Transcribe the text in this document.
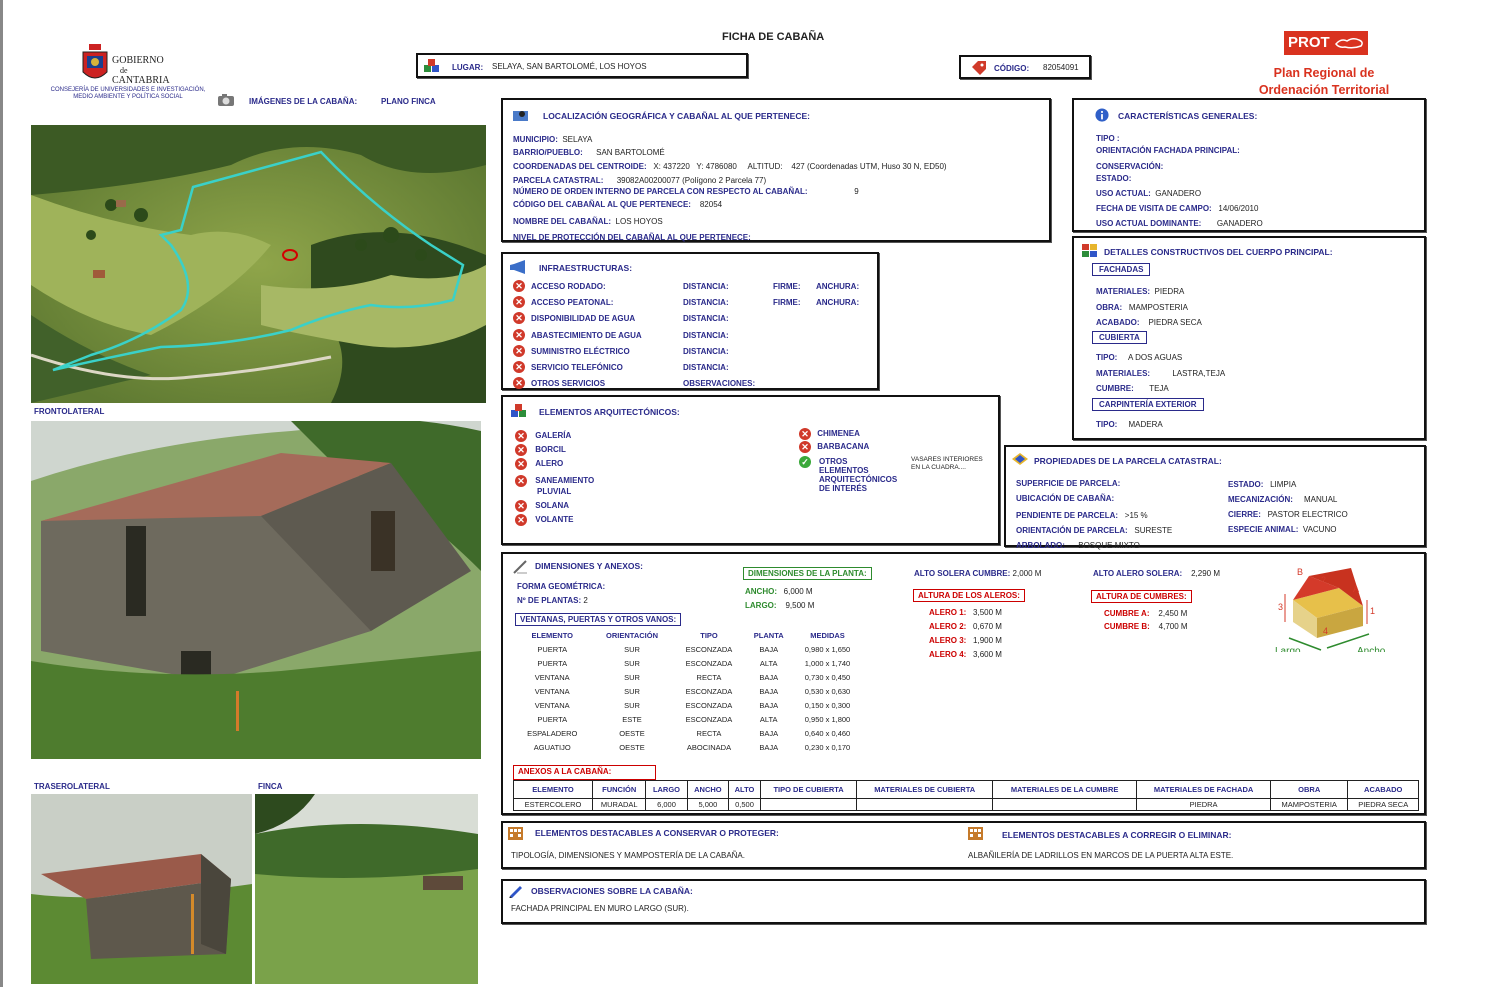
FICHA DE CABAÑA
GOBIERNO
de
CANTABRIA
CONSEJERÍA DE UNIVERSIDADES E INVESTIGACIÓN,
MEDIO AMBIENTE Y POLÍTICA SOCIAL
PROT
Plan Regional de
Ordenación Territorial
LUGAR: SELAYA, SAN BARTOLOMÉ, LOS HOYOS	CÓDIGO: 82054091
IMÁGENES DE LA CABAÑA:	PLANO FINCA
FRONTOLATERAL
TRASEROLATERAL	FINCA
LOCALIZACIÓN GEOGRÁFICA Y CABAÑAL AL QUE PERTENECE:
MUNICIPIO: SELAYA
BARRIO/PUEBLO: SAN BARTOLOMÉ
COORDENADAS DEL CENTROIDE: X: 437220 Y: 4786080 ALTITUD: 427 (Coordenadas UTM, Huso 30 N, ED50)
PARCELA CATASTRAL: 39082A00200077 (Polígono 2 Parcela 77)
NÚMERO DE ORDEN INTERNO DE PARCELA CON RESPECTO AL CABAÑAL:	9
CÓDIGO DEL CABAÑAL AL QUE PERTENECE: 82054
NOMBRE DEL CABAÑAL: LOS HOYOS
NIVEL DE PROTECCIÓN DEL CABAÑAL AL QUE PERTENECE:
CARACTERÍSTICAS GENERALES:
TIPO :
ORIENTACIÓN FACHADA PRINCIPAL:
CONSERVACIÓN:
ESTADO:
USO ACTUAL: GANADERO
FECHA DE VISITA DE CAMPO: 14/06/2010
USO ACTUAL DOMINANTE: GANADERO
INFRAESTRUCTURAS:
✕ ACCESO RODADO:	DISTANCIA:	FIRME: ANCHURA:
✕ ACCESO PEATONAL:	DISTANCIA:	FIRME: ANCHURA:
✕ DISPONIBILIDAD DE AGUA	DISTANCIA:
✕ ABASTECIMIENTO DE AGUA	DISTANCIA:
✕ SUMINISTRO ELÉCTRICO	DISTANCIA:
✕ SERVICIO TELEFÓNICO	DISTANCIA:
✕ OTROS SERVICIOS	OBSERVACIONES:
ELEMENTOS ARQUITECTÓNICOS:
✕ GALERÍA
✕ BORCIL
✕ ALERO
✕ SANEAMIENTO
PLUVIAL
✕ SOLANA
✕ VOLANTE
✕ CHIMENEA
✕ BARBACANA
✓ OTROS ELEMENTOS
ARQUITECTÓNICOS
DE INTERÉS
VASARES INTERIORES
EN LA CUADRA....
DETALLES CONSTRUCTIVOS DEL CUERPO PRINCIPAL:
FACHADAS
MATERIALES: PIEDRA
OBRA: MAMPOSTERIA
ACABADO: PIEDRA SECA
CUBIERTA
TIPO: A DOS AGUAS
MATERIALES:	LASTRA,TEJA
CUMBRE: TEJA
CARPINTERÍA EXTERIOR
TIPO: MADERA
PROPIEDADES DE LA PARCELA CATASTRAL:
SUPERFICIE DE PARCELA:
UBICACIÓN DE CABAÑA:
PENDIENTE DE PARCELA: >15 %
ORIENTACIÓN DE PARCELA: SURESTE
ARBOLADO: BOSQUE MIXTO
ESTADO: LIMPIA
MECANIZACIÓN: MANUAL
CIERRE: PASTOR ELECTRICO
ESPECIE ANIMAL: VACUNO
DIMENSIONES Y ANEXOS:
FORMA GEOMÉTRICA:
Nº DE PLANTAS: 2
DIMENSIONES DE LA PLANTA:
ANCHO: 6,000 M
LARGO: 9,500 M
ALTO SOLERA CUMBRE: 2,000 M	ALTO ALERO SOLERA: 2,290 M
ALTURA DE LOS ALEROS:	ALTURA DE CUMBRES:
ALERO 1: 3,500 M
ALERO 2: 0,670 M
ALERO 3: 1,900 M
ALERO 4: 3,600 M
CUMBRE A: 2,450 M
CUMBRE B: 4,700 M
B
2
A
3	1
4
Largo	Ancho
VENTANAS, PUERTAS Y OTROS VANOS:
ELEMENTO	ORIENTACIÓN	TIPO	PLANTA	MEDIDAS
PUERTA	SUR	ESCONZADA	BAJA	0,980 x 1,650
PUERTA	SUR	ESCONZADA	ALTA	1,000 x 1,740
VENTANA	SUR	RECTA	BAJA	0,730 x 0,450
VENTANA	SUR	ESCONZADA	BAJA	0,530 x 0,630
VENTANA	SUR	ESCONZADA	BAJA	0,150 x 0,300
PUERTA	ESTE	ESCONZADA	ALTA	0,950 x 1,800
ESPALADERO	OESTE	RECTA	BAJA	0,640 x 0,460
AGUATIJO	OESTE	ABOCINADA	BAJA	0,230 x 0,170
ANEXOS A LA CABAÑA:
ELEMENTO	FUNCIÓN	LARGO	ANCHO	ALTO	TIPO DE CUBIERTA	MATERIALES DE CUBIERTA	MATERIALES DE LA CUMBRE	MATERIALES DE FACHADA	OBRA	ACABADO
ESTERCOLERO	MURADAL	6,000	5,000	0,500				PIEDRA	MAMPOSTERIA	PIEDRA SECA
ELEMENTOS DESTACABLES A CONSERVAR O PROTEGER:
TIPOLOGÍA, DIMENSIONES Y MAMPOSTERÍA DE LA CABAÑA.
ELEMENTOS DESTACABLES A CORREGIR O ELIMINAR:
ALBAÑILERÍA DE LADRILLOS EN MARCOS DE LA PUERTA ALTA ESTE.
OBSERVACIONES SOBRE LA CABAÑA:
FACHADA PRINCIPAL EN MURO LARGO (SUR).
